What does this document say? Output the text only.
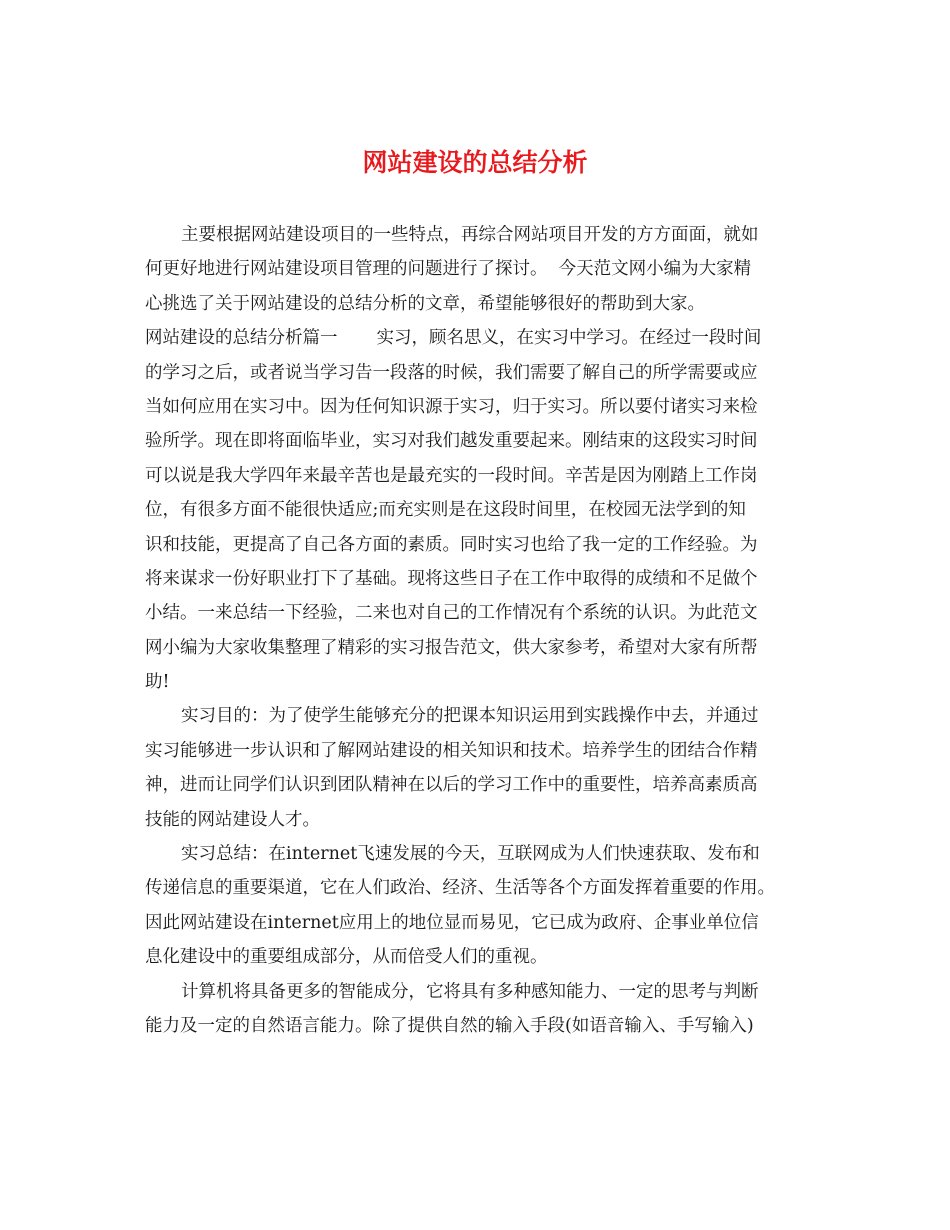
网站建设的总结分析
主要根据网站建设项目的一些特点，再综合网站项目开发的方方面面，就如
何更好地进行网站建设项目管理的问题进行了探讨。  今天范文网小编为大家精
心挑选了关于网站建设的总结分析的文章，希望能够很好的帮助到大家。
网站建设的总结分析篇一       实习，顾名思义，在实习中学习。在经过一段时间
的学习之后，或者说当学习告一段落的时候，我们需要了解自己的所学需要或应
当如何应用在实习中。因为任何知识源于实习，归于实习。所以要付诸实习来检
验所学。现在即将面临毕业，实习对我们越发重要起来。刚结束的这段实习时间
可以说是我大学四年来最辛苦也是最充实的一段时间。辛苦是因为刚踏上工作岗
位，有很多方面不能很快适应;而充实则是在这段时间里，在校园无法学到的知
识和技能，更提高了自己各方面的素质。同时实习也给了我一定的工作经验。为
将来谋求一份好职业打下了基础。现将这些日子在工作中取得的成绩和不足做个
小结。一来总结一下经验，二来也对自己的工作情况有个系统的认识。为此范文
网小编为大家收集整理了精彩的实习报告范文，供大家参考，希望对大家有所帮
助!
实习目的：为了使学生能够充分的把课本知识运用到实践操作中去，并通过
实习能够进一步认识和了解网站建设的相关知识和技术。培养学生的团结合作精
神，进而让同学们认识到团队精神在以后的学习工作中的重要性，培养高素质高
技能的网站建设人才。
实习总结：在internet飞速发展的今天，互联网成为人们快速获取、发布和
传递信息的重要渠道，它在人们政治、经济、生活等各个方面发挥着重要的作用。
因此网站建设在internet应用上的地位显而易见，它已成为政府、企事业单位信
息化建设中的重要组成部分，从而倍受人们的重视。
计算机将具备更多的智能成分，它将具有多种感知能力、一定的思考与判断
能力及一定的自然语言能力。除了提供自然的输入手段(如语音输入、手写输入)
